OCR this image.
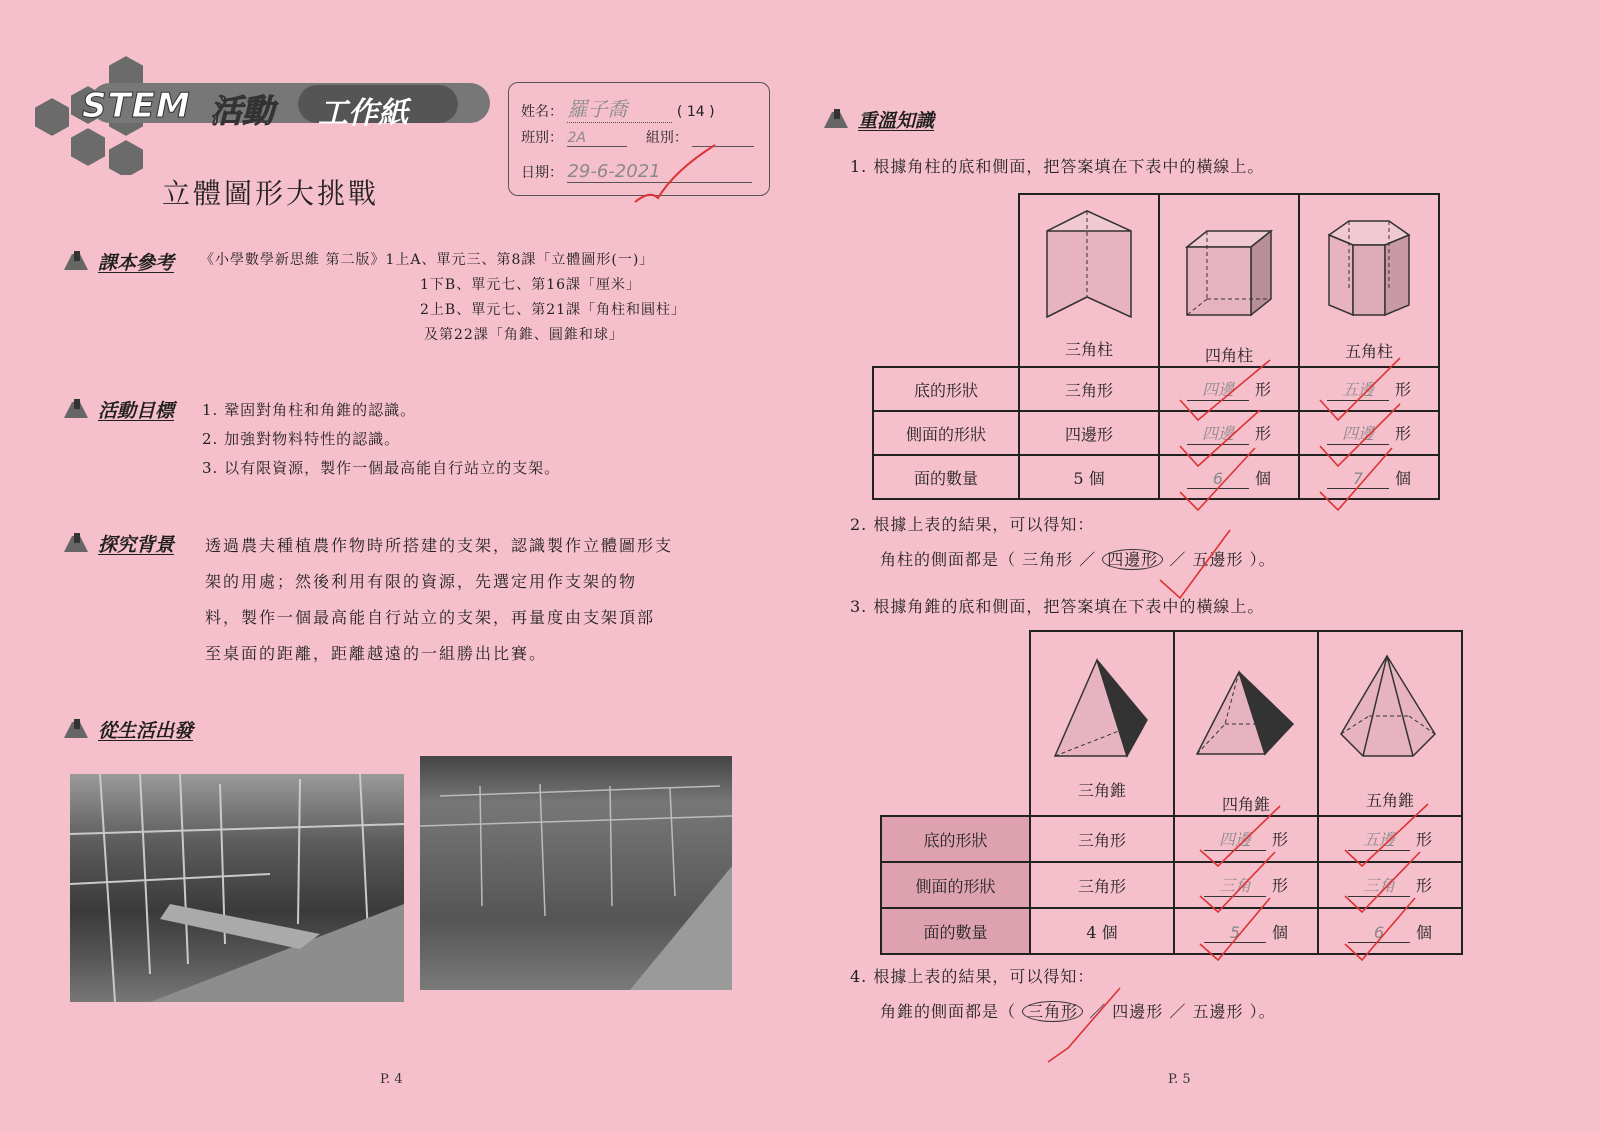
STEM 活動 工作紙	姓名： 羅子喬	( 14 )
班別： 2A	組別：
日期： 29-6-2021
立體圖形大挑戰
課本參考 《小學數學新思維 第二版》1上A、單元三、第8課「立體圖形(一)」
1下B、單元七、第16課「厘米」
2上B、單元七、第21課「角柱和圓柱」
及第22課「角錐、圓錐和球」
活動目標 1. 鞏固對角柱和角錐的認識。
2. 加強對物料特性的認識。
3. 以有限資源，製作一個最高能自行站立的支架。
探究背景 透過農夫種植農作物時所搭建的支架，認識製作立體圖形支
架的用處；然後利用有限的資源，先選定用作支架的物
料，製作一個最高能自行站立的支架，再量度由支架頂部
至桌面的距離，距離越遠的一組勝出比賽。
從生活出發
P. 4
重溫知識
1. 根據角柱的底和側面，把答案填在下表中的橫線上。

	三角柱	四角柱	五角柱

底的形狀	三角形	四邊 形	五邊 形
側面的形狀	四邊形	四邊 形	四邊 形
面的數量	5 個	6 個	7 個
2. 根據上表的結果，可以得知：
角柱的側面都是（ 三角形 ／ 四邊形 ／ 五邊形 ）。
3. 根據角錐的底和側面，把答案填在下表中的橫線上。

	三角錐	四角錐	五角錐

底的形狀	三角形	四邊 形	五邊 形
側面的形狀	三角形	三角 形	三角 形
面的數量	4 個	5 個	6 個
4. 根據上表的結果，可以得知：
角錐的側面都是（ 三角形 ／ 四邊形 ／ 五邊形 ）。
P. 5
